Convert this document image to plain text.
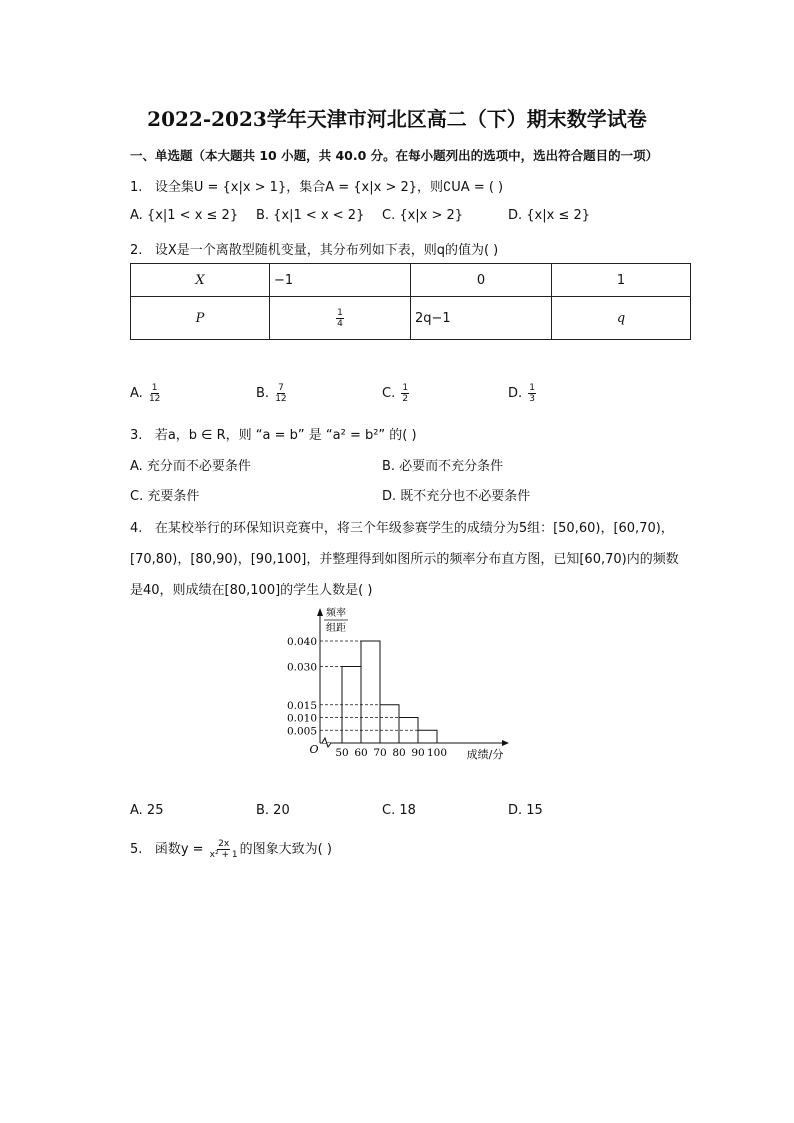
2022-2023学年天津市河北区高二（下）期末数学试卷
一、单选题（本大题共 10 小题，共 40.0 分。在每小题列出的选项中，选出符合题目的一项）
1. 设全集U = {x|x > 1}，集合A = {x|x > 2}，则∁UA = ( )
A. {x|1 < x ≤ 2} B. {x|1 < x < 2} C. {x|x > 2}	D. {x|x ≤ 2}
2. 设X是一个离散型随机变量，其分布列如下表，则q的值为( )
X	−1	0	1
P	$\frac{1}{4}$	2q−1	q
A. $\frac{1}{12}$	B. $\frac{7}{12}$	C. $\frac{1}{2}$	D. $\frac{1}{3}$
3. 若a，b ∈ R，则 “a = b” 是 “a² = b²” 的( )
A. 充分而不必要条件	B. 必要而不充分条件
C. 充要条件	D. 既不充分也不必要条件
4. 在某校举行的环保知识竞赛中，将三个年级参赛学生的成绩分为5组：[50,60)，[60,70)，
[70,80)，[80,90)，[90,100]，并整理得到如图所示的频率分布直方图，已知[60,70)内的频数
是40，则成绩在[80,100]的学生人数是( )
频率
组距
0.040
0.030
0.015
0.010
0.005
50 60 70 80 90 100
O	成绩/分
A. 25	B. 20	C. 18	D. 15
5. 函数$y = \frac{2x}{\text{x² + 1}}$ 的图象大致为( )
